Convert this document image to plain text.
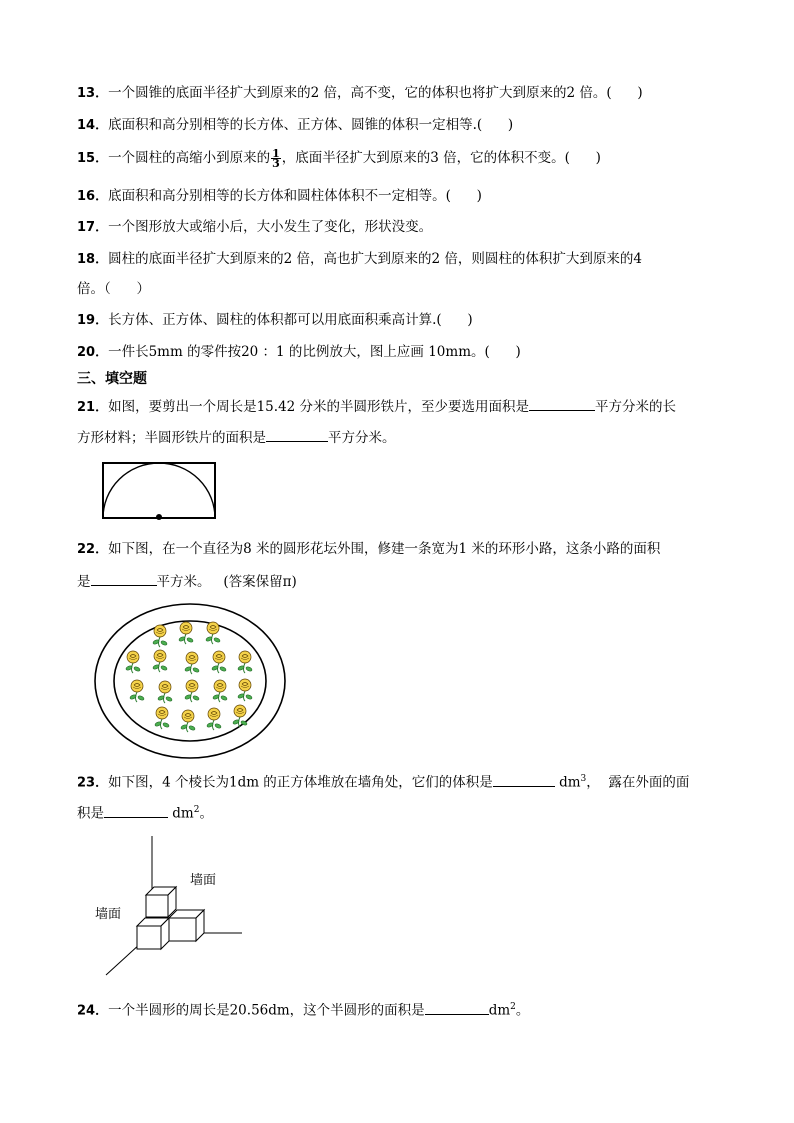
13．一个圆锥的底面半径扩大到原来的2 倍，高不变，它的体积也将扩大到原来的2 倍。(      )
14．底面积和高分别相等的长方体、正方体、圆锥的体积一定相等.(      )
15．一个圆柱的高缩小到原来的 $\frac{1}{3}$ ，底面半径扩大到原来的3 倍，它的体积不变。(      )
16．底面积和高分别相等的长方体和圆柱体体积不一定相等。(      )
17．一个图形放大或缩小后，大小发生了变化，形状没变。
18．圆柱的底面半径扩大到原来的2 倍，高也扩大到原来的2 倍，则圆柱的体积扩大到原来的4
倍。（      ）
19．长方体、正方体、圆柱的体积都可以用底面积乘高计算.(      )
20．一件长5mm 的零件按20 ：1 的比例放大，图上应画 10mm。(      )
三、填空题
21．如图，要剪出一个周长是15.42 分米的半圆形铁片，至少要选用面积是	平方分米的长
方形材料；半圆形铁片的面积是	平方分米。
22．如下图，在一个直径为8 米的圆形花坛外围，修建一条宽为1 米的环形小路，这条小路的面积
是	平方米。   (答案保留π)
23．如下图，4 个棱长为1dm 的正方体堆放在墙角处，它们的体积是	$dm^3$，  露在外面的面
积是	$dm^2$。
墙面
墙面
24．一个半圆形的周长是20.56dm，这个半圆形的面积是	$dm^2$。
